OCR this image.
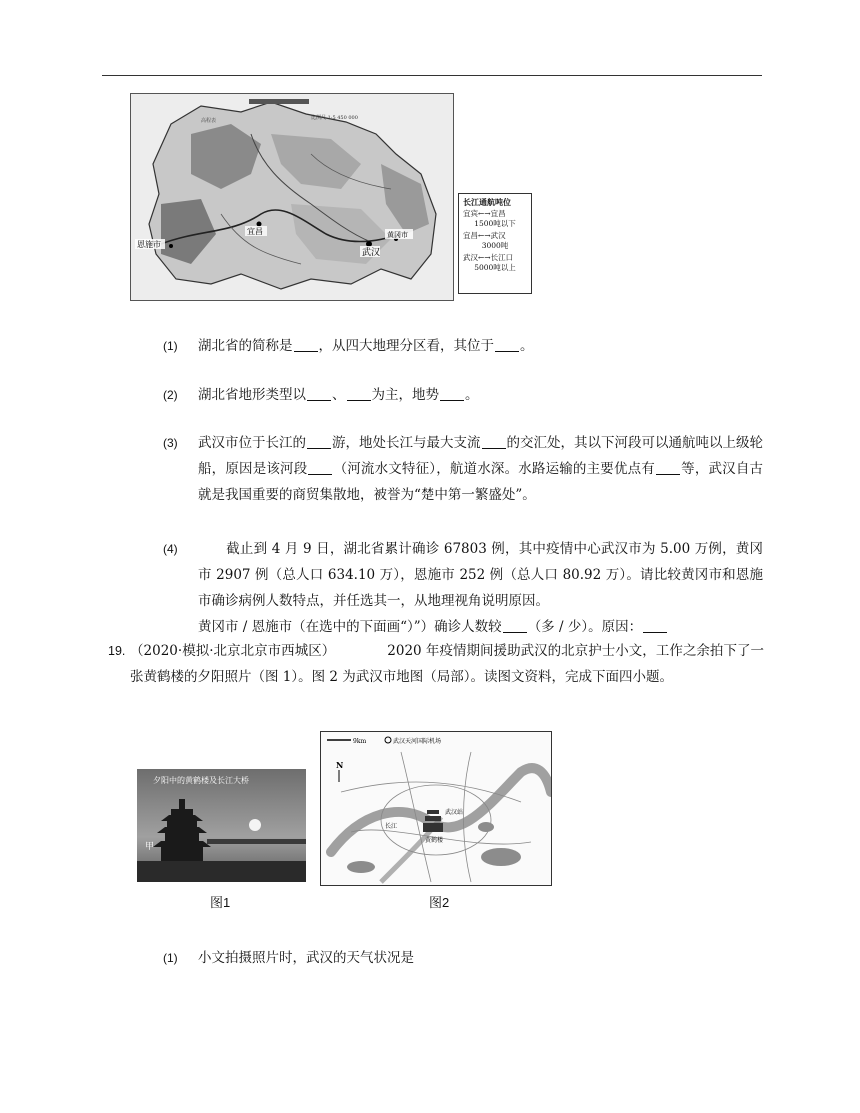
高程表	比例尺 1:5 450 000
宜昌
武汉
恩施市
黄冈市
长江通航吨位
宜宾←→宜昌
1500吨以下
宜昌←→武汉
3000吨
武汉←→长江口
5000吨以上
(1) 湖北省的简称是 ，从四大地理分区看，其位于 。
(2) 湖北省地形类型以 、 为主，地势 。
(3) 武汉市位于长江的 游，地处长江与最大支流 的交汇处，其以下河段可以通航吨以上级轮船，原因是该河段 （河流水文特征），航道水深。水路运输的主要优点有 等，武汉自古就是我国重要的商贸集散地，被誉为“楚中第一繁盛处”。
(4)	截止到 4 月 9 日，湖北省累计确诊 67803 例，其中疫情中心武汉市为 5.00 万例，黄冈市 2907 例（总人口 634.10 万），恩施市 252 例（总人口 80.92 万）。请比较黄冈市和恩施市确诊病例人数特点，并任选其一，从地理视角说明原因。
黄冈市 / 恩施市（在选中的下面画“）”）确诊人数较 （多 / 少）。原因：
19. （2020·模拟·北京北京市西城区）	2020 年疫情期间援助武汉的北京护士小文，工作之余拍下了一张黄鹤楼的夕阳照片（图 1）。图 2 为武汉市地图（局部）。读图文资料，完成下面四小题。
夕阳中的黄鹤楼及长江大桥
甲
图1
9km	武汉天河国际机场
N
黄鹤楼
武汉站
长江
图2
(1) 小文拍摄照片时，武汉的天气状况是
